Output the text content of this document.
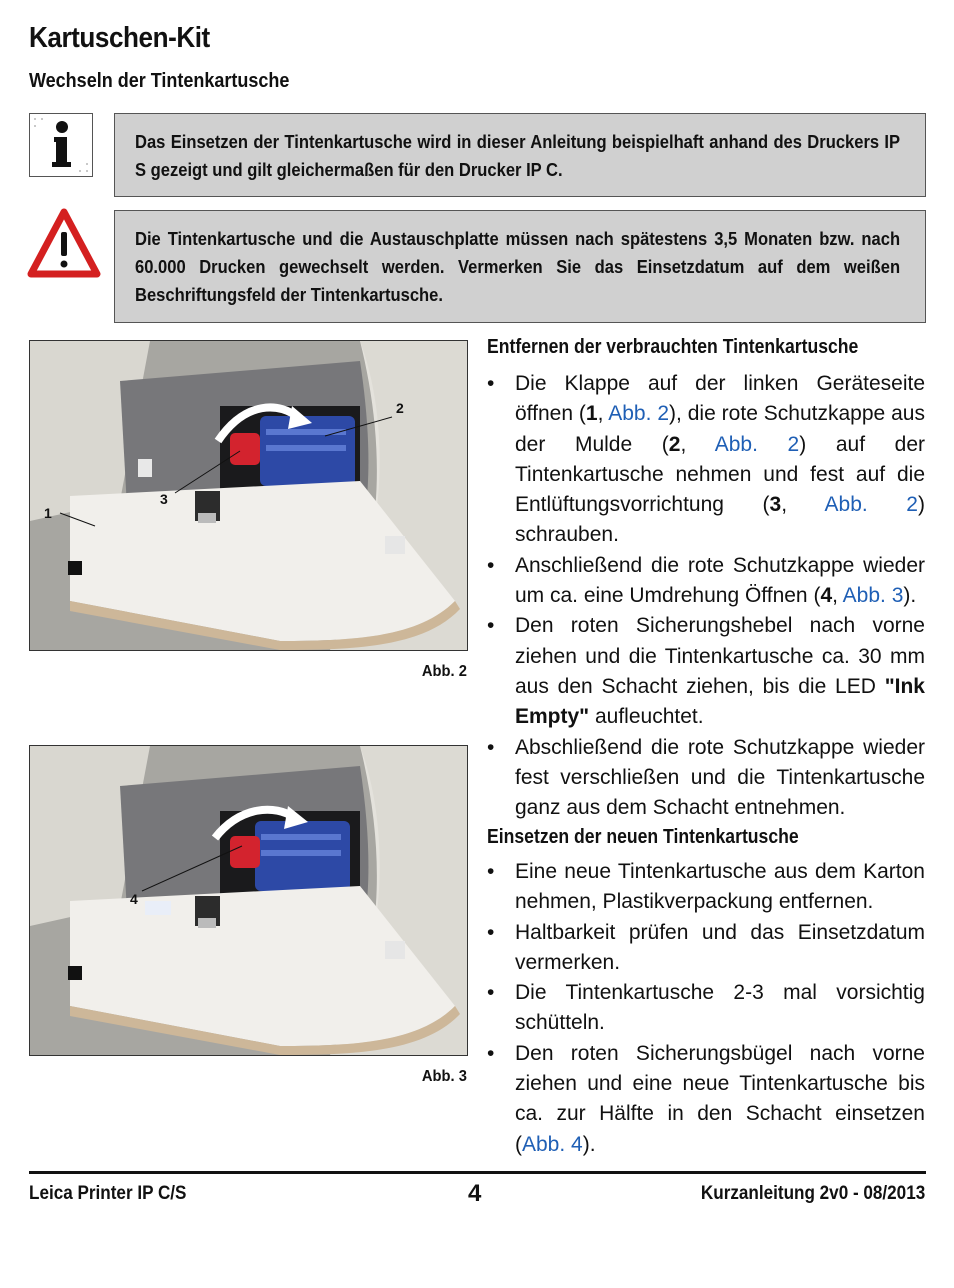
Kartuschen-Kit
Wechseln der Tintenkartusche
Das Einsetzen der Tintenkartusche wird in dieser Anleitung beispielhaft anhand des Druckers IP S gezeigt und gilt gleichermaßen für den Drucker IP C.
Die Tintenkartusche und die Austauschplatte müssen nach spätestens 3,5 Monaten bzw. nach 60.000 Drucken gewechselt werden. Vermerken Sie das Einsetzdatum auf dem weißen Beschriftungsfeld der Tintenkartusche.
1
2
3
Abb. 2
4
Abb. 3
Entfernen der verbrauchten Tintenkartusche
• Die Klappe auf der linken Geräteseite öffnen (1, Abb. 2), die rote Schutzkappe aus der Mulde (2, Abb. 2) auf der Tintenkartusche nehmen und fest auf die Entlüftungsvorrichtung (3, Abb. 2) schrauben.
• Anschließend die rote Schutzkappe wieder um ca. eine Umdrehung Öffnen (4, Abb. 3).
• Den roten Sicherungshebel nach vorne ziehen und die Tintenkartusche ca. 30 mm aus den Schacht ziehen, bis die LED "Ink Empty" aufleuchtet.
• Abschließend die rote Schutzkappe wieder fest verschließen und die Tintenkartusche ganz aus dem Schacht entnehmen.
Einsetzen der neuen Tintenkartusche
• Eine neue Tintenkartusche aus dem Karton nehmen, Plastikverpackung entfernen.
• Haltbarkeit prüfen und das Einsetzdatum vermerken.
• Die Tintenkartusche 2-3 mal vorsichtig schütteln.
• Den roten Sicherungsbügel nach vorne ziehen und eine neue Tintenkartusche bis ca. zur Hälfte in den Schacht einsetzen (Abb. 4).
Leica Printer IP C/S	4	Kurzanleitung 2v0 - 08/2013
